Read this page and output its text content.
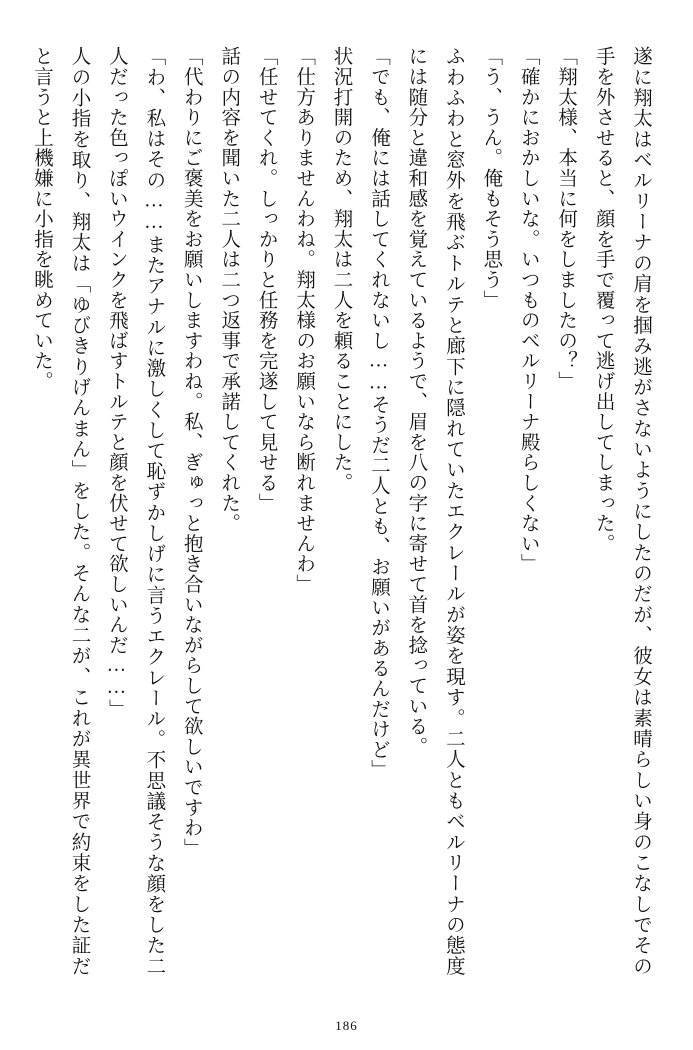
遂に翔太はベルリーナの肩を掴み逃がさないようにしたのだが、彼女は素晴らしい身のこなしでその手を外させると、顔を手で覆って逃げ出してしまった。

「翔太様、本当に何をしましたの？」

「確かにおかしいな。いつものベルリーナ殿らしくない」

「う、うん。俺もそう思う」

ふわふわと窓外を飛ぶトルテと廊下に隠れていたエクレールが姿を現す。二人ともベルリーナの態度には随分と違和感を覚えているようで、眉を八の字に寄せて首を捻っている。

「でも、俺には話してくれないし……そうだ二人とも、お願いがあるんだけど」

状況打開のため、翔太は二人を頼ることにした。

「仕方ありませんわね。翔太様のお願いなら断れませんわ」

「任せてくれ。しっかりと任務を完遂して見せる」

話の内容を聞いた二人は二つ返事で承諾してくれた。

「代わりにご褒美をお願いしますわね。私、ぎゅっと抱き合いながらして欲しいですわ」

「わ、私はその……またアナルに激しくして恥ずかしげに言うエクレール。不思議そうな顔をした二人だった色っぽいウインクを飛ばすトルテと顔を伏せて欲しいんだ……」

人の小指を取り、翔太は「ゆびきりげんまん」をした。そんな二が、これが異世界で約束をした証だと言うと上機嫌に小指を眺めていた。

186
